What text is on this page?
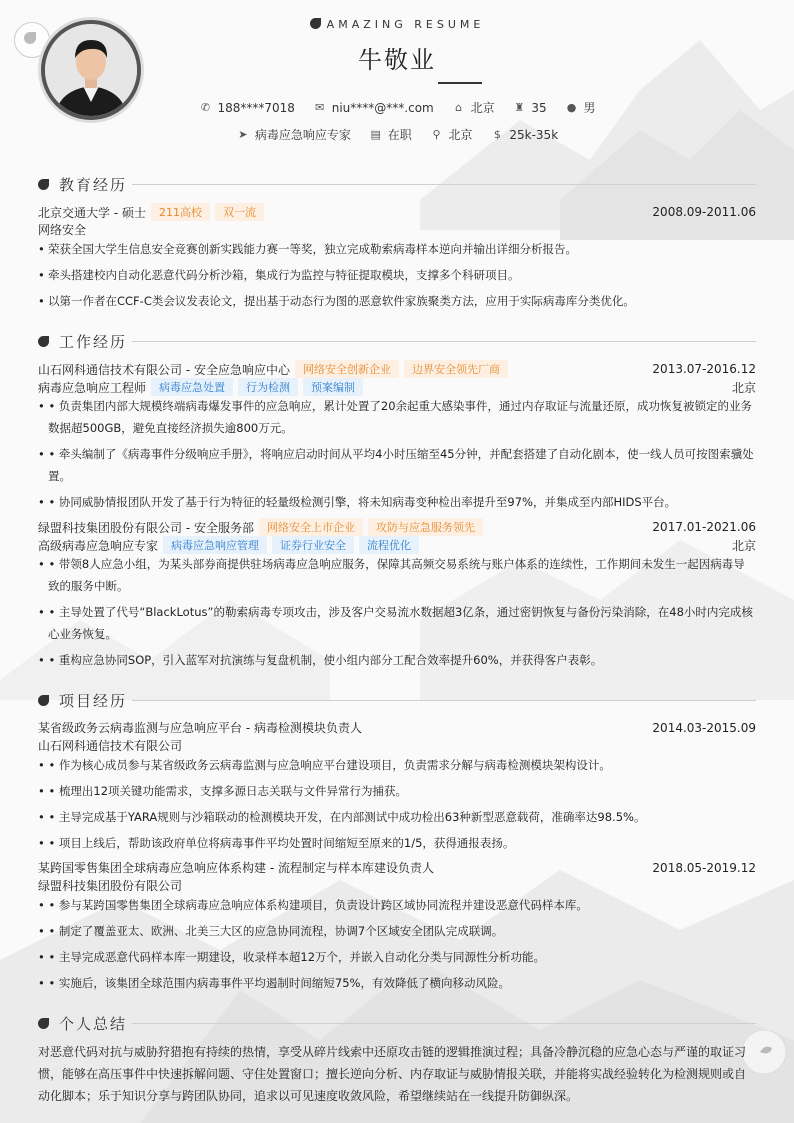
AMAZING RESUME
牛敬业
✆ 188****7018
✉ niu****@***.com
	⌂ 北京
♜ 35
● 男
➤ 病毒应急响应专家
▤ 在职
⚲ 北京
	$ 25k-35k
教育经历
北京交通大学 - 硕士	211高校	双一流	2008.09-2011.06
网络安全
• 荣获全国大学生信息安全竞赛创新实践能力赛一等奖，独立完成勒索病毒样本逆向并输出详细分析报告。
• 牵头搭建校内自动化恶意代码分析沙箱，集成行为监控与特征提取模块，支撑多个科研项目。
• 以第一作者在CCF-C类会议发表论文，提出基于动态行为图的恶意软件家族聚类方法，应用于实际病毒库分类优化。
工作经历
山石网科通信技术有限公司 - 安全应急响应中心	网络安全创新企业	边界安全领先厂商	2013.07-2016.12
病毒应急响应工程师	病毒应急处置	行为检测	预案编制	北京
• • 负责集团内部大规模终端病毒爆发事件的应急响应，累计处置了20余起重大感染事件，通过内存取证与流量还原，成功恢复被锁定的业务数据超500GB，避免直接经济损失逾800万元。
• • 牵头编制了《病毒事件分级响应手册》，将响应启动时间从平均4小时压缩至45分钟，并配套搭建了自动化剧本，使一线人员可按图索骥处置。
• • 协同威胁情报团队开发了基于行为特征的轻量级检测引擎，将未知病毒变种检出率提升至97%，并集成至内部HIDS平台。
绿盟科技集团股份有限公司 - 安全服务部	网络安全上市企业	攻防与应急服务领先	2017.01-2021.06
高级病毒应急响应专家	病毒应急响应管理	证券行业安全	流程优化	北京
• • 带领8人应急小组，为某头部券商提供驻场病毒应急响应服务，保障其高频交易系统与账户体系的连续性，工作期间未发生一起因病毒导致的服务中断。
• • 主导处置了代号“BlackLotus”的勒索病毒专项攻击，涉及客户交易流水数据超3亿条，通过密钥恢复与备份污染消除，在48小时内完成核心业务恢复。
• • 重构应急协同SOP，引入蓝军对抗演练与复盘机制，使小组内部分工配合效率提升60%，并获得客户表彰。
项目经历
某省级政务云病毒监测与应急响应平台 - 病毒检测模块负责人	2014.03-2015.09
山石网科通信技术有限公司
• • 作为核心成员参与某省级政务云病毒监测与应急响应平台建设项目，负责需求分解与病毒检测模块架构设计。
• • 梳理出12项关键功能需求，支撑多源日志关联与文件异常行为捕获。
• • 主导完成基于YARA规则与沙箱联动的检测模块开发，在内部测试中成功检出63种新型恶意载荷，准确率达98.5%。
• • 项目上线后，帮助该政府单位将病毒事件平均处置时间缩短至原来的1/5，获得通报表扬。
某跨国零售集团全球病毒应急响应体系构建 - 流程制定与样本库建设负责人	2018.05-2019.12
绿盟科技集团股份有限公司
• • 参与某跨国零售集团全球病毒应急响应体系构建项目，负责设计跨区域协同流程并建设恶意代码样本库。
• • 制定了覆盖亚太、欧洲、北美三大区的应急协同流程，协调7个区域安全团队完成联调。
• • 主导完成恶意代码样本库一期建设，收录样本超12万个，并嵌入自动化分类与同源性分析功能。
• • 实施后，该集团全球范围内病毒事件平均遏制时间缩短75%，有效降低了横向移动风险。
个人总结
对恶意代码对抗与威胁狩猎抱有持续的热情，享受从碎片线索中还原攻击链的逻辑推演过程；具备冷静沉稳的应急心态与严谨的取证习惯，能够在高压事件中快速拆解问题、守住处置窗口；擅长逆向分析、内存取证与威胁情报关联，并能将实战经验转化为检测规则或自动化脚本；乐于知识分享与跨团队协同，追求以可见速度收敛风险，希望继续站在一线提升防御纵深。
